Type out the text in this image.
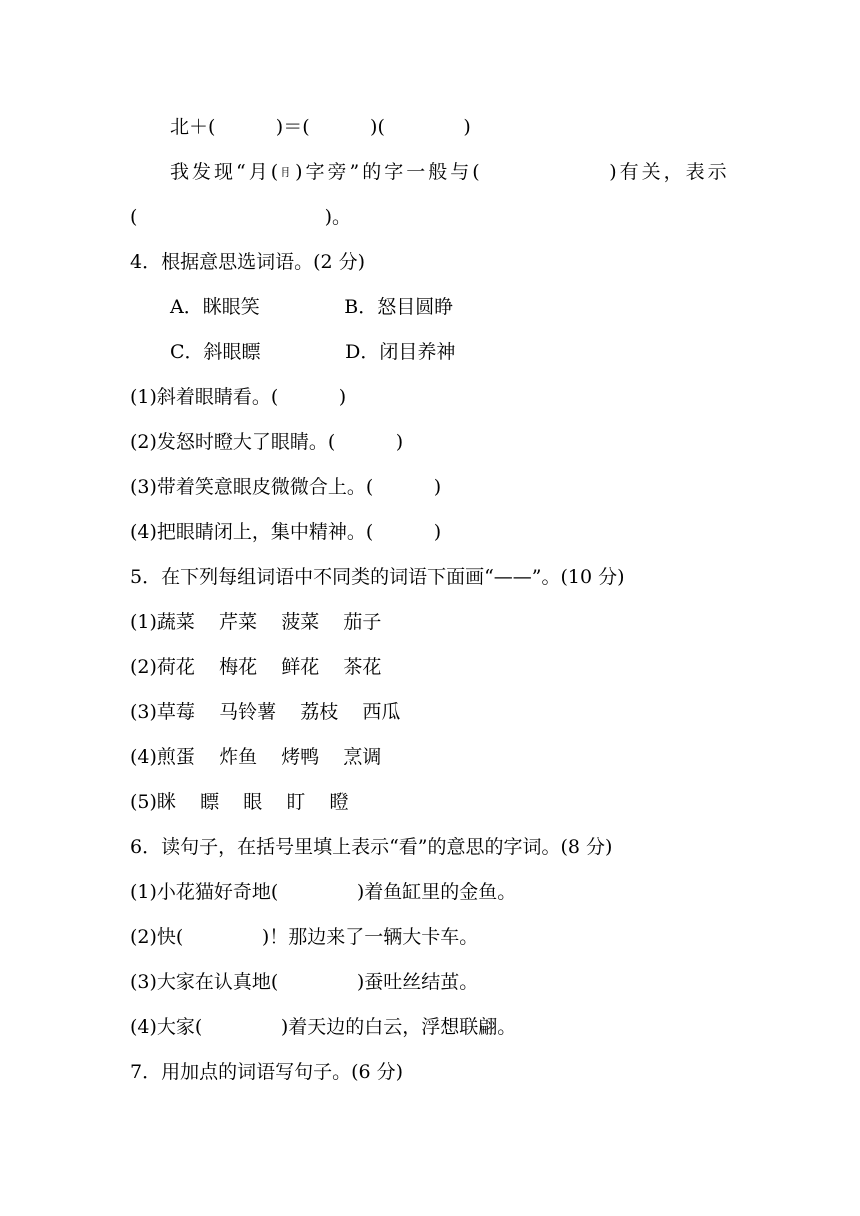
北＋(          )＝(          )(             )
我发现“月(⺝)字旁”的字一般与(              )有关，表示
(                               )。
4．根据意思选词语。(2 分)
A．眯眼笑              B．怒目圆睁
C．斜眼瞟              D．闭目养神
(1)斜着眼睛看。(          )
(2)发怒时瞪大了眼睛。(          )
(3)带着笑意眼皮微微合上。(          )
(4)把眼睛闭上，集中精神。(          )
5．在下列每组词语中不同类的词语下面画“——”。(10 分)
(1)蔬菜    芹菜    菠菜    茄子
(2)荷花    梅花    鲜花    茶花
(3)草莓    马铃薯    荔枝    西瓜
(4)煎蛋    炸鱼    烤鸭    烹调
(5)眯    瞟    眼    盯    瞪
6．读句子，在括号里填上表示“看”的意思的字词。(8 分)
(1)小花猫好奇地(             )着鱼缸里的金鱼。
(2)快(             )！那边来了一辆大卡车。
(3)大家在认真地(             )蚕吐丝结茧。
(4)大家(             )着天边的白云，浮想联翩。
7．用加点的词语写句子。(6 分)
